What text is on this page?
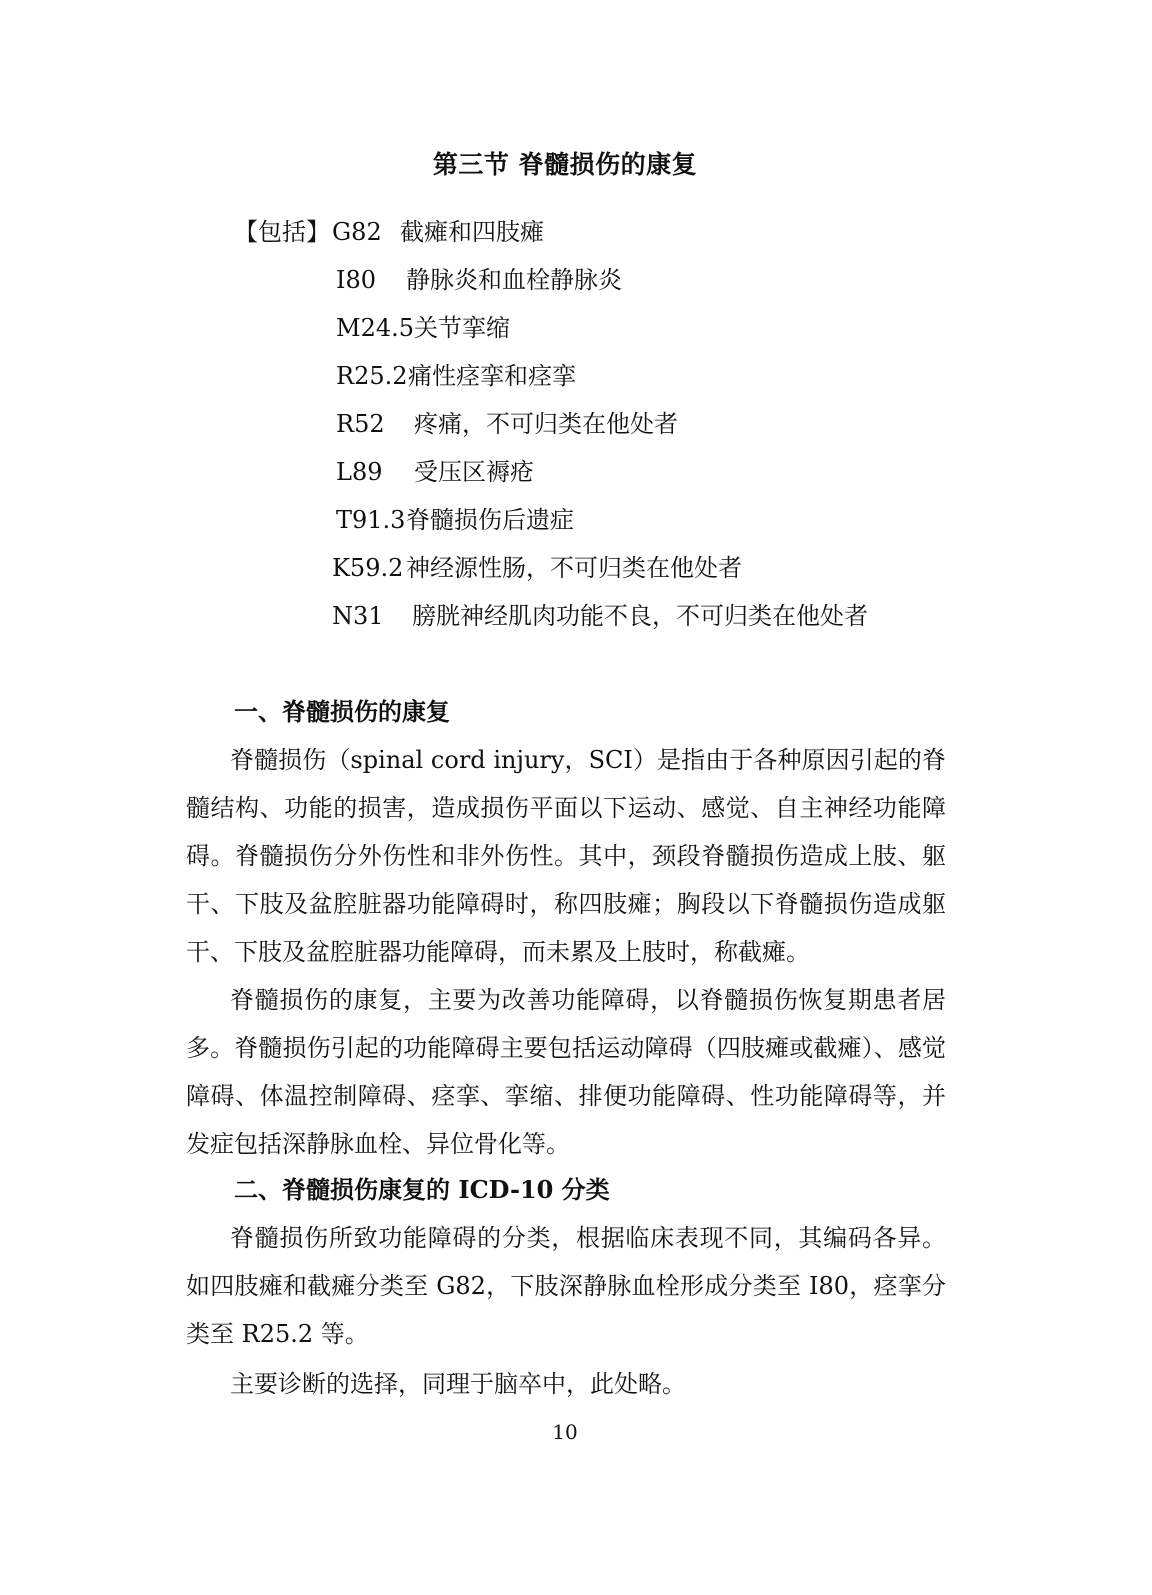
第三节 脊髓损伤的康复
【包括】 G82 截瘫和四肢瘫
I80 静脉炎和血栓静脉炎
M24.5 关节挛缩
R25.2 痛性痉挛和痉挛
R52 疼痛，不可归类在他处者
L89 受压区褥疮
T91.3 脊髓损伤后遗症
K59.2 神经源性肠，不可归类在他处者
N31 膀胱神经肌肉功能不良，不可归类在他处者
一、脊髓损伤的康复
脊髓损伤（spinal cord injury，SCI）是指由于各种原因引起的脊髓结构、功能的损害，造成损伤平面以下运动、感觉、自主神经功能障碍。脊髓损伤分外伤性和非外伤性。其中，颈段脊髓损伤造成上肢、躯干、下肢及盆腔脏器功能障碍时，称四肢瘫；胸段以下脊髓损伤造成躯干、下肢及盆腔脏器功能障碍，而未累及上肢时，称截瘫。
脊髓损伤的康复，主要为改善功能障碍，以脊髓损伤恢复期患者居多。脊髓损伤引起的功能障碍主要包括运动障碍（四肢瘫或截瘫）、感觉障碍、体温控制障碍、痉挛、挛缩、排便功能障碍、性功能障碍等，并发症包括深静脉血栓、异位骨化等。
二、脊髓损伤康复的 ICD-10 分类
脊髓损伤所致功能障碍的分类，根据临床表现不同，其编码各异。如四肢瘫和截瘫分类至 G82，下肢深静脉血栓形成分类至 I80，痉挛分类至 R25.2 等。
主要诊断的选择，同理于脑卒中，此处略。
10
